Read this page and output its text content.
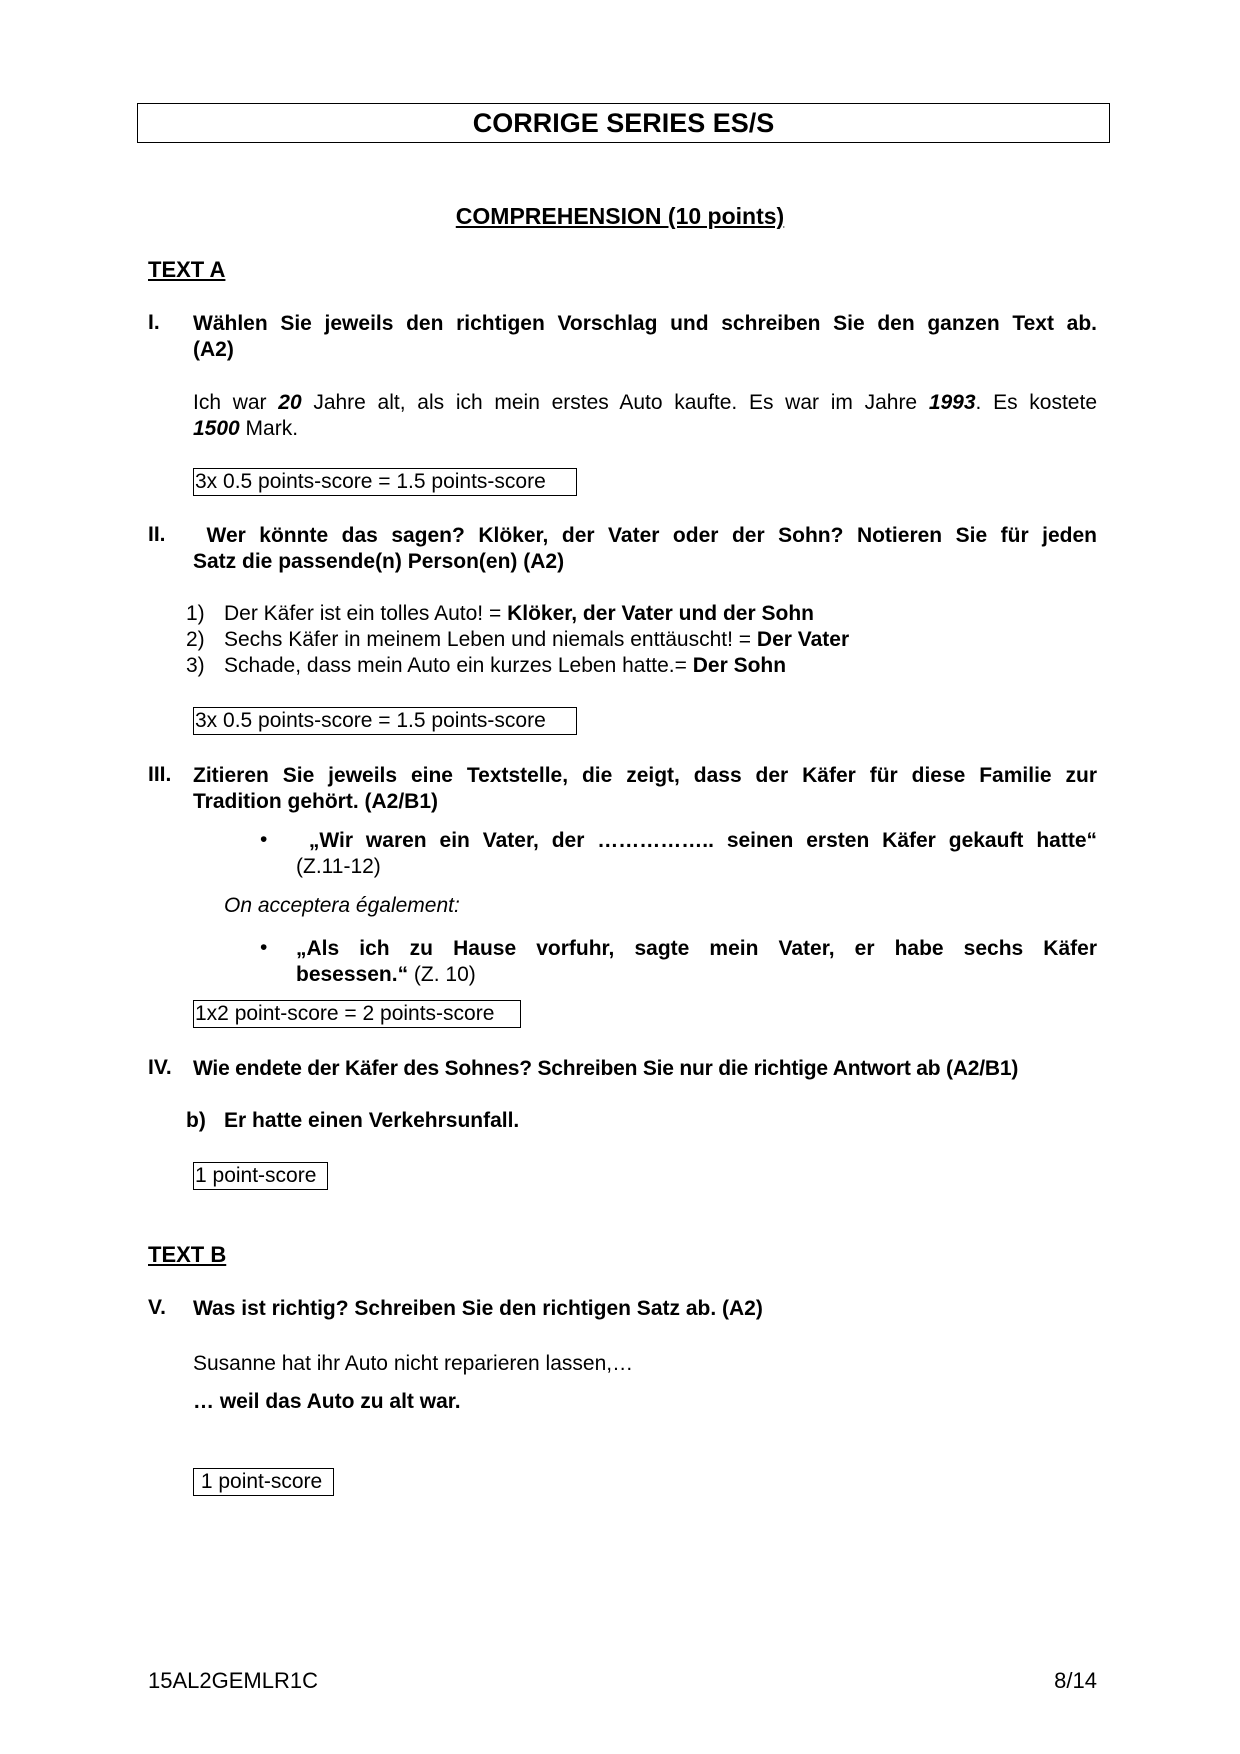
CORRIGE SERIES ES/S
COMPREHENSION (10 points)
TEXT A
I. Wählen Sie jeweils den richtigen Vorschlag und schreiben Sie den ganzen Text ab.
(A2)
Ich war 20 Jahre alt, als ich mein erstes Auto kaufte. Es war im Jahre 1993. Es kostete
1500 Mark.
3x 0.5 points-score = 1.5 points-score
II. Wer könnte das sagen? Klöker, der Vater oder der Sohn? Notieren Sie für jeden
Satz die passende(n) Person(en) (A2)
1) Der Käfer ist ein tolles Auto! = Klöker, der Vater und der Sohn
2) Sechs Käfer in meinem Leben und niemals enttäuscht! = Der Vater
3) Schade, dass mein Auto ein kurzes Leben hatte.= Der Sohn
3x 0.5 points-score = 1.5 points-score
III. Zitieren Sie jeweils eine Textstelle, die zeigt, dass der Käfer für diese Familie zur
Tradition gehört. (A2/B1)
• „Wir waren ein Vater, der …………….. seinen ersten Käfer gekauft hatte“
(Z.11-12)
On acceptera également:
• „Als ich zu Hause vorfuhr, sagte mein Vater, er habe sechs Käfer
besessen.“ (Z. 10)
1x2 point-score = 2 points-score
IV. Wie endete der Käfer des Sohnes? Schreiben Sie nur die richtige Antwort ab (A2/B1)
b) Er hatte einen Verkehrsunfall.
1 point-score
TEXT B
V. Was ist richtig? Schreiben Sie den richtigen Satz ab. (A2)
Susanne hat ihr Auto nicht reparieren lassen,…
… weil das Auto zu alt war.
1 point-score
15AL2GEMLR1C	8/14
